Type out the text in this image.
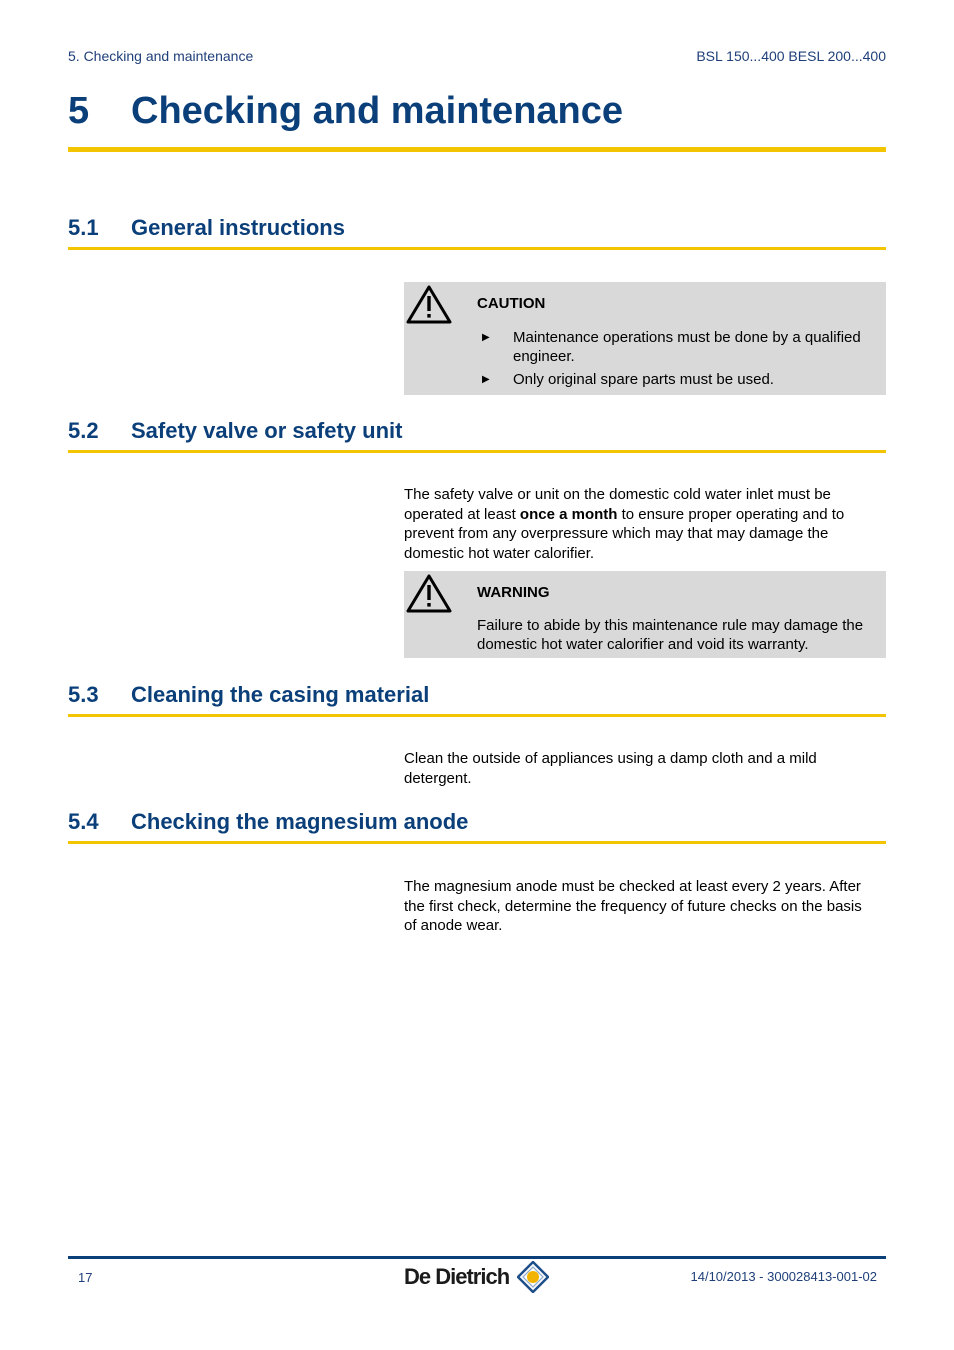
5. Checking and maintenance	BSL 150...400 BESL 200...400
5 Checking and maintenance
5.1 General instructions
CAUTION
▶ Maintenance operations must be done by a qualified
engineer.
▶ Only original spare parts must be used.
5.2 Safety valve or safety unit
The safety valve or unit on the domestic cold water inlet must be
operated at least once a month to ensure proper operating and to
prevent from any overpressure which may that may damage the
domestic hot water calorifier.
WARNING
Failure to abide by this maintenance rule may damage the
domestic hot water calorifier and void its warranty.
5.3 Cleaning the casing material
Clean the outside of appliances using a damp cloth and a mild
detergent.
5.4 Checking the magnesium anode
The magnesium anode must be checked at least every 2 years. After
the first check, determine the frequency of future checks on the basis
of anode wear.
17	De Dietrich	14/10/2013 - 300028413-001-02
